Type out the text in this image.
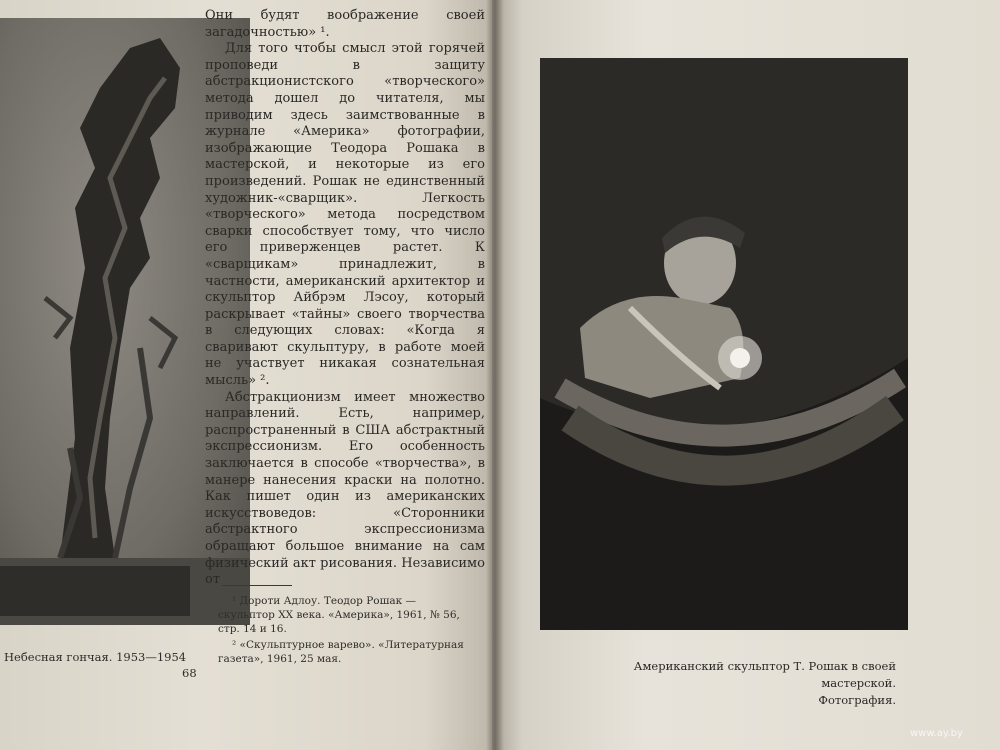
Они будят воображение своей загадочностью» ¹.

Для того чтобы смысл этой горячей проповеди в защиту абстракционистского «творческого» метода дошел до читателя, мы приводим здесь заимствованные в журнале «Америка» фотографии, изображающие Теодора Рошака в мастерской, и некоторые из его произведений. Рошак не единственный художник-«сварщик». Легкость «творческого» метода посредством сварки способствует тому, что число его приверженцев растет. К «сварщикам» принадлежит, в частности, американский архитектор и скульптор Айбрэм Лэсоу, который раскрывает «тайны» своего творчества в следующих словах: «Когда я сваривают скульптуру, в работе моей не участвует никакая сознательная мысль» ².

Абстракционизм имеет множество направлений. Есть, например, распространенный в США абстрактный экспрессионизм. Его особенность заключается в способе «творчества», в манере нанесения краски на полотно. Как пишет один из американских искусствоведов: «Сторонники абстрактного экспрессионизма обращают большое внимание на сам физический акт рисования. Независимо от

¹ Дороти Адлоу. Теодор Рошак — скульптор XX века. «Америка», 1961, № 56, стр. 14 и 16.

² «Скульптурное варево». «Литературная газета», 1961, 25 мая.

Небесная гончая. 1953—1954
68	Американский скульптор Т. Рошак в своей мастерской.
Фотография.
www.ay.by
